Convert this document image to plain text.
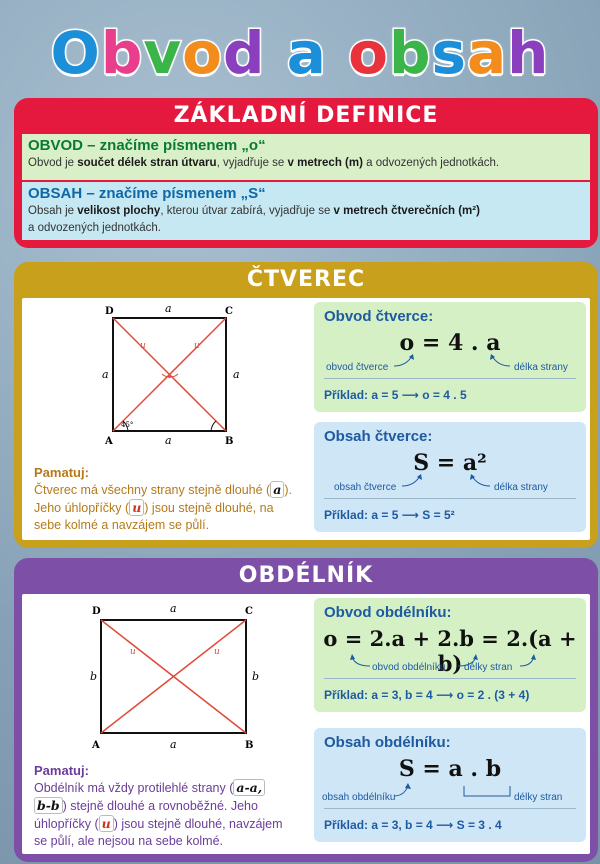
Obvod a obsah
ZÁKLADNÍ DEFINICE
OBVOD – značíme písmenem „o“
Obvod je součet délek stran útvaru, vyjadřuje se v metrech (m) a odvozených jednotkách.
OBSAH – značíme písmenem „S“
Obsah je velikost plochy, kterou útvar zabírá, vyjadřuje se v metrech čtverečních (m²)
a odvozených jednotkách.
ČTVEREC
D	C
A	B
a
a
a	a
u	u
45°
Pamatuj:
Čtverec má všechny strany stejně dlouhé ( a ).
Jeho úhlopříčky ( u ) jsou stejně dlouhé, na
sebe kolmé a navzájem se půlí.
Obvod čtverce:
o = 4 . a
obvod čtverce	délka strany
Příklad: a = 5 ⟶ o = 4 . 5
Obsah čtverce:
S = a²
obsah čtverce	délka strany
Příklad: a = 5 ⟶ S = 5²
OBDÉLNÍK
D	C
A	B
a
a
b	b
u	u
Pamatuj:
Obdélník má vždy protilehlé strany ( a-a,
b-b ) stejně dlouhé a rovnoběžné. Jeho
úhlopříčky ( u ) jsou stejně dlouhé, navzájem
se půlí, ale nejsou na sebe kolmé.
Obvod obdélníku:
o = 2.a + 2.b = 2.(a + b)
obvod obdélníku délky stran
Příklad: a = 3, b = 4 ⟶ o = 2 . (3 + 4)
Obsah obdélníku:
S = a . b
obsah obdélníku	délky stran
Příklad: a = 3, b = 4 ⟶ S = 3 . 4
